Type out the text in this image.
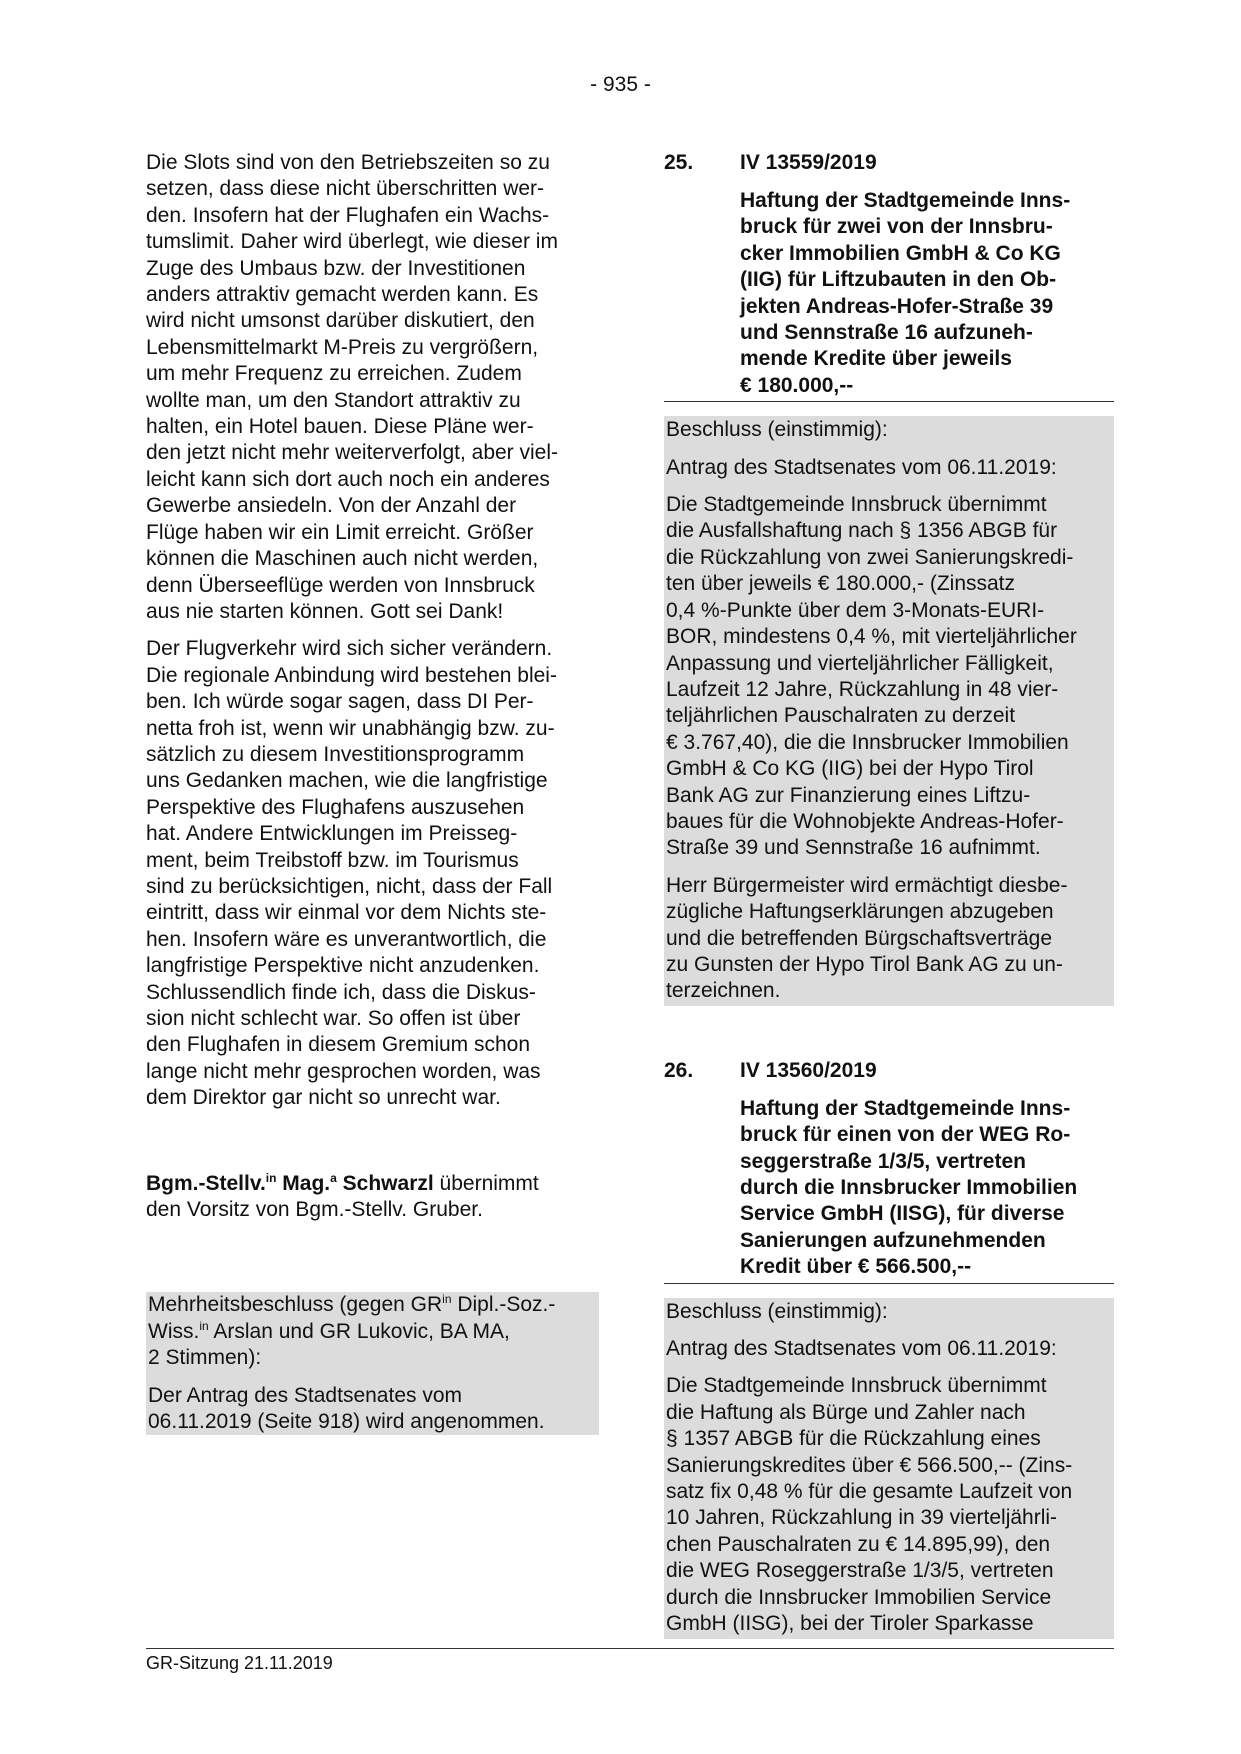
- 935 -

Die Slots sind von den Betriebszeiten so zu
setzen, dass diese nicht überschritten wer-
den. Insofern hat der Flughafen ein Wachs-
tumslimit. Daher wird überlegt, wie dieser im
Zuge des Umbaus bzw. der Investitionen
anders attraktiv gemacht werden kann. Es
wird nicht umsonst darüber diskutiert, den
Lebensmittelmarkt M-Preis zu vergrößern,
um mehr Frequenz zu erreichen. Zudem
wollte man, um den Standort attraktiv zu
halten, ein Hotel bauen. Diese Pläne wer-
den jetzt nicht mehr weiterverfolgt, aber viel-
leicht kann sich dort auch noch ein anderes
Gewerbe ansiedeln. Von der Anzahl der
Flüge haben wir ein Limit erreicht. Größer
können die Maschinen auch nicht werden,
denn Überseeflüge werden von Innsbruck
aus nie starten können. Gott sei Dank!

Der Flugverkehr wird sich sicher verändern.
Die regionale Anbindung wird bestehen blei-
ben. Ich würde sogar sagen, dass DI Per-
netta froh ist, wenn wir unabhängig bzw. zu-
sätzlich zu diesem Investitionsprogramm
uns Gedanken machen, wie die langfristige
Perspektive des Flughafens auszusehen
hat. Andere Entwicklungen im Preisseg-
ment, beim Treibstoff bzw. im Tourismus
sind zu berücksichtigen, nicht, dass der Fall
eintritt, dass wir einmal vor dem Nichts ste-
hen. Insofern wäre es unverantwortlich, die
langfristige Perspektive nicht anzudenken.
Schlussendlich finde ich, dass die Diskus-
sion nicht schlecht war. So offen ist über
den Flughafen in diesem Gremium schon
lange nicht mehr gesprochen worden, was
dem Direktor gar nicht so unrecht war.

Bgm.-Stellv.$^{in}$ Mag.$^a$ Schwarzl übernimmt
den Vorsitz von Bgm.-Stellv. Gruber.

Mehrheitsbeschluss (gegen $GR^{in}$ Dipl.-Soz.-
Wiss.$^{in}$ Arslan und GR Lukovic, BA MA,
2 Stimmen):

Der Antrag des Stadtsenates vom
06.11.2019 (Seite 918) wird angenommen.

25. IV 13559/2019
Haftung der Stadtgemeinde Inns-
bruck für zwei von der Innsbru-
cker Immobilien GmbH & Co KG
(IIG) für Liftzubauten in den Ob-
jekten Andreas-Hofer-Straße 39
und Sennstraße 16 aufzuneh-
mende Kredite über jeweils
€ 180.000,--

Beschluss (einstimmig):

Antrag des Stadtsenates vom 06.11.2019:

Die Stadtgemeinde Innsbruck übernimmt
die Ausfallshaftung nach § 1356 ABGB für
die Rückzahlung von zwei Sanierungskredi-
ten über jeweils € 180.000,- (Zinssatz
0,4 %-Punkte über dem 3-Monats-EURI-
BOR, mindestens 0,4 %, mit vierteljährlicher
Anpassung und vierteljährlicher Fälligkeit,
Laufzeit 12 Jahre, Rückzahlung in 48 vier-
teljährlichen Pauschalraten zu derzeit
€ 3.767,40), die die Innsbrucker Immobilien
GmbH & Co KG (IIG) bei der Hypo Tirol
Bank AG zur Finanzierung eines Liftzu-
baues für die Wohnobjekte Andreas-Hofer-
Straße 39 und Sennstraße 16 aufnimmt.

Herr Bürgermeister wird ermächtigt diesbe-
zügliche Haftungserklärungen abzugeben
und die betreffenden Bürgschaftsverträge
zu Gunsten der Hypo Tirol Bank AG zu un-
terzeichnen.

26. IV 13560/2019
Haftung der Stadtgemeinde Inns-
bruck für einen von der WEG Ro-
seggerstraße 1/3/5, vertreten
durch die Innsbrucker Immobilien
Service GmbH (IISG), für diverse
Sanierungen aufzunehmenden
Kredit über € 566.500,--

Beschluss (einstimmig):

Antrag des Stadtsenates vom 06.11.2019:

Die Stadtgemeinde Innsbruck übernimmt
die Haftung als Bürge und Zahler nach
§ 1357 ABGB für die Rückzahlung eines
Sanierungskredites über € 566.500,-- (Zins-
satz fix 0,48 % für die gesamte Laufzeit von
10 Jahren, Rückzahlung in 39 vierteljährli-
chen Pauschalraten zu € 14.895,99), den
die WEG Roseggerstraße 1/3/5, vertreten
durch die Innsbrucker Immobilien Service
GmbH (IISG), bei der Tiroler Sparkasse

GR-Sitzung 21.11.2019
